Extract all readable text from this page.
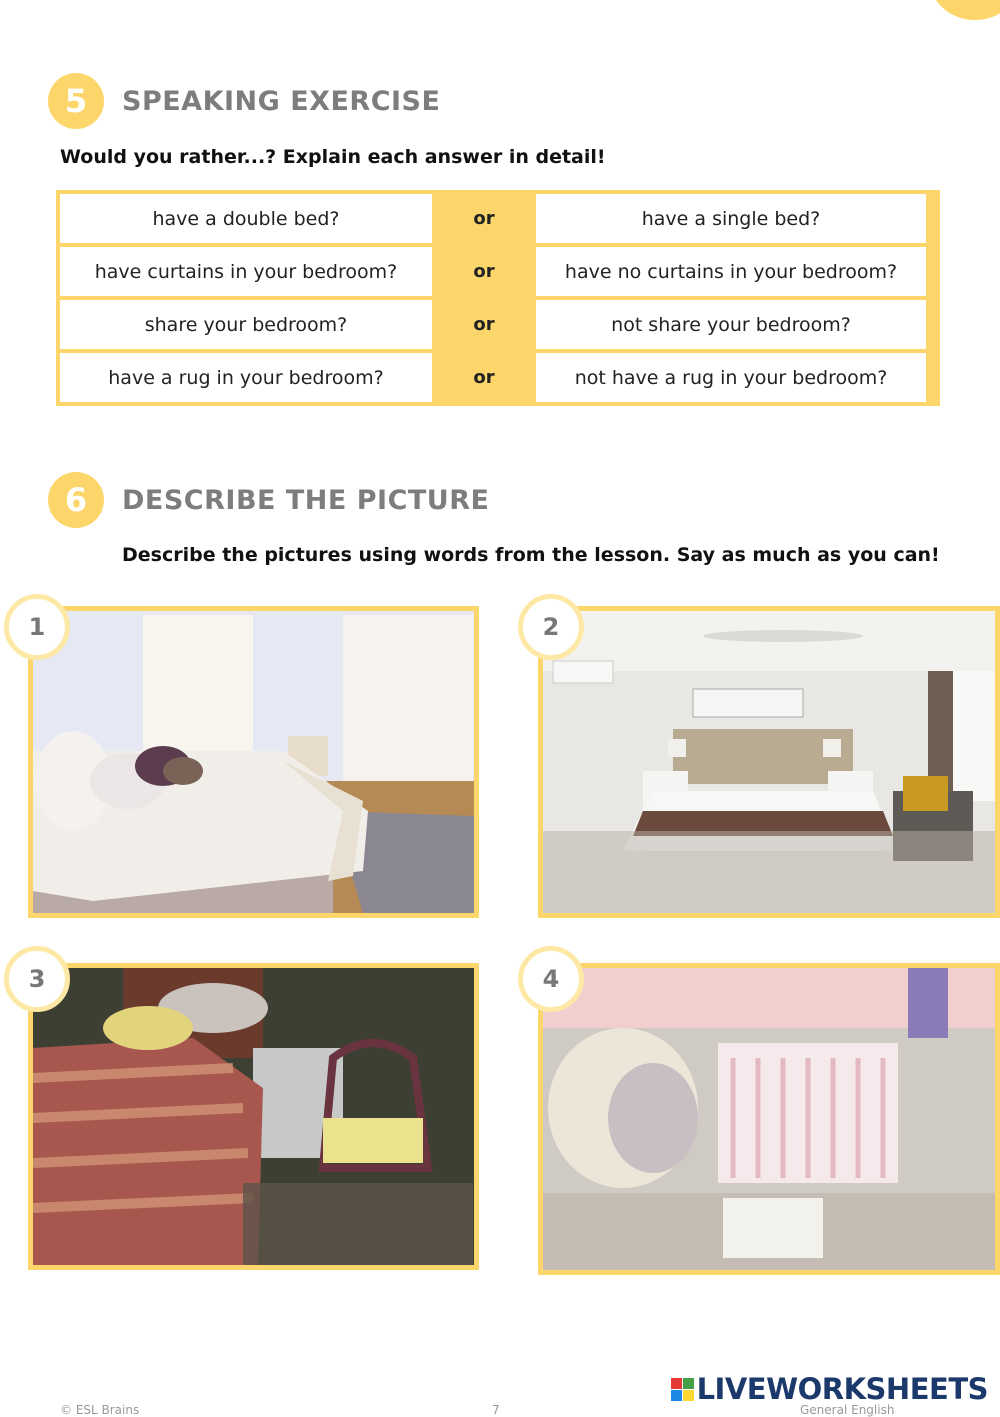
5	SPEAKING EXERCISE
Would you rather...? Explain each answer in detail!
have a double bed?	or	have a single bed?
have curtains in your bedroom?	or	have no curtains in your bedroom?
share your bedroom?	or	not share your bedroom?
have a rug in your bedroom?	or	not have a rug in your bedroom?
6	DESCRIBE THE PICTURE
Describe the pictures using words from the lesson. Say as much as you can!
1	2
3	4
© ESL Brains	7	General English
LIVEWORKSHEETS
